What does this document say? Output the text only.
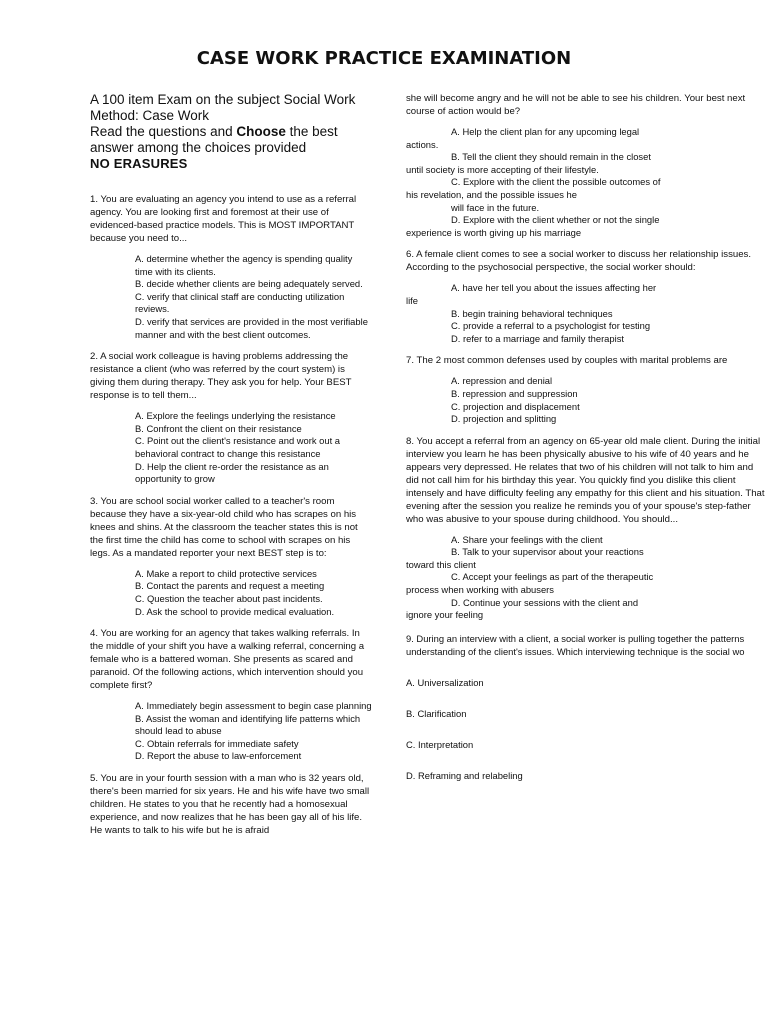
CASE WORK PRACTICE EXAMINATION

A 100 item Exam on the subject Social Work
Method: Case Work
Read the questions and Choose the best
answer among the choices provided

NO ERASURES

1. You are evaluating an agency you intend to use as a referral agency. You are looking first and foremost at their use of evidenced-based practice models. This is MOST IMPORTANT because you need to...

A. determine whether the agency is spending quality time with its clients.
B. decide whether clients are being adequately served.
C. verify that clinical staff are conducting utilization reviews.
D. verify that services are provided in the most verifiable manner and with the best client outcomes.

2. A social work colleague is having problems addressing the resistance a client (who was referred by the court system) is giving them during therapy. They ask you for help. Your BEST response is to tell them...

A. Explore the feelings underlying the resistance
B. Confront the client on their resistance
C. Point out the client's resistance and work out a behavioral contract to change this resistance
D. Help the client re-order the resistance as an opportunity to grow

3. You are school social worker called to a teacher's room because they have a six-year-old child who has scrapes on his knees and shins. At the classroom the teacher states this is not the first time the child has come to school with scrapes on his legs. As a mandated reporter your next BEST step is to:

A. Make a report to child protective services
B. Contact the parents and request a meeting
C. Question the teacher about past incidents.
D. Ask the school to provide medical evaluation.

4. You are working for an agency that takes walking referrals. In the middle of your shift you have a walking referral, concerning a female who is a battered woman. She presents as scared and paranoid. Of the following actions, which intervention should you complete first?

A. Immediately begin assessment to begin case planning
B. Assist the woman and identifying life patterns which should lead to abuse
C. Obtain referrals for immediate safety
D. Report the abuse to law-enforcement

5. You are in your fourth session with a man who is 32 years old, there's been married for six years. He and his wife have two small children. He states to you that he recently had a homosexual experience, and now realizes that he has been gay all of his life. He wants to talk to his wife but he is afraid

she will become angry and he will not be able to see his children. Your best next course of action would be?

A. Help the client plan for any upcoming legal
actions.
B. Tell the client they should remain in the closet
until society is more accepting of their lifestyle.
C. Explore with the client the possible outcomes of
his revelation, and the possible issues he
will face in the future.
D. Explore with the client whether or not the single
experience is worth giving up his marriage

6. A female client comes to see a social worker to discuss her relationship issues. According to the psychosocial perspective, the social worker should:

A. have her tell you about the issues affecting her
life
B. begin training behavioral techniques
C. provide a referral to a psychologist for testing
D. refer to a marriage and family therapist

7. The 2 most common defenses used by couples with marital problems are

A. repression and denial
B. repression and suppression
C. projection and displacement
D. projection and splitting

8. You accept a referral from an agency on 65-year old male client. During the initial interview you learn he has been physically abusive to his wife of 40 years and he appears very depressed. He relates that two of his children will not talk to him and did not call him for his birthday this year. You quickly find you dislike this client intensely and have difficulty feeling any empathy for this client and his situation. That evening after the session you realize he reminds you of your spouse's step-father who was abusive to your spouse during childhood. You should...

A. Share your feelings with the client
B. Talk to your supervisor about your reactions
toward this client
C. Accept your feelings as part of the therapeutic
process when working with abusers
D. Continue your sessions with the client and
ignore your feeling
9. During an interview with a client, a social worker is pulling together the patterns
understanding of the client's issues. Which interviewing technique is the social wo
A. Universalization
B. Clarification
C. Interpretation
D. Reframing and relabeling
